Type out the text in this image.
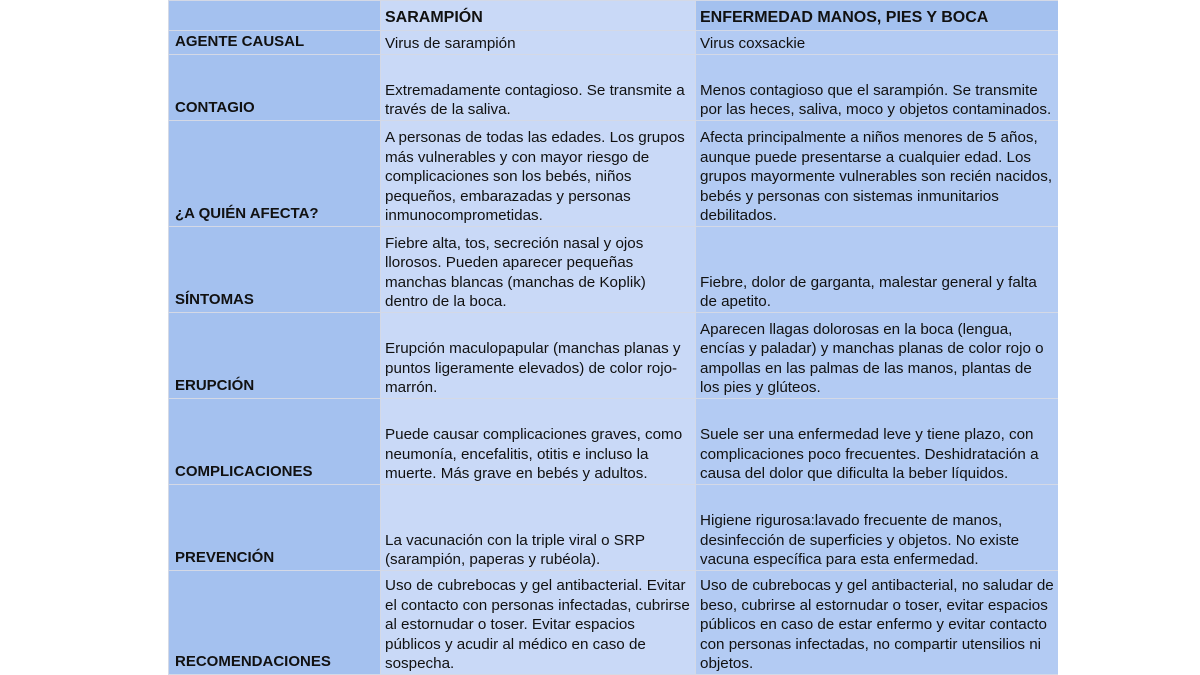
	SARAMPIÓN	ENFERMEDAD MANOS, PIES Y BOCA
AGENTE CAUSAL	Virus de sarampión	Virus coxsackie
CONTAGIO	Extremadamente contagioso. Se transmite a través de la saliva.	Menos contagioso que el sarampión. Se transmite por las heces, saliva, moco y objetos contaminados.
¿A QUIÉN AFECTA?	A personas de todas las edades. Los grupos más vulnerables y con mayor riesgo de complicaciones son los bebés, niños pequeños, embarazadas y personas inmunocomprometidas.	Afecta principalmente a niños menores de 5 años, aunque puede presentarse a cualquier edad. Los grupos mayormente vulnerables son recién nacidos, bebés y personas con sistemas inmunitarios debilitados.
SÍNTOMAS	Fiebre alta, tos, secreción nasal y ojos llorosos. Pueden aparecer pequeñas manchas blancas (manchas de Koplik) dentro de la boca.	Fiebre, dolor de garganta, malestar general y falta de apetito.
ERUPCIÓN	Erupción maculopapular (manchas planas y puntos ligeramente elevados) de color rojo-marrón.	Aparecen llagas dolorosas en la boca (lengua, encías y paladar) y manchas planas de color rojo o ampollas en las palmas de las manos, plantas de los pies y glúteos.
COMPLICACIONES	Puede causar complicaciones graves, como neumonía, encefalitis, otitis e incluso la muerte. Más grave en bebés y adultos.	Suele ser una enfermedad leve y tiene plazo, con complicaciones poco frecuentes. Deshidratación a causa del dolor que dificulta la beber líquidos.
PREVENCIÓN	La vacunación con la triple viral o SRP (sarampión, paperas y rubéola).	Higiene rigurosa:lavado frecuente de manos, desinfección de superficies y objetos. No existe vacuna específica para esta enfermedad.
RECOMENDACIONES	Uso de cubrebocas y gel antibacterial. Evitar el contacto con personas infectadas, cubrirse al estornudar o toser. Evitar espacios públicos y acudir al médico en caso de sospecha.	Uso de cubrebocas y gel antibacterial, no saludar de beso, cubrirse al estornudar o toser, evitar espacios públicos en caso de estar enfermo y evitar contacto con personas infectadas, no compartir utensilios ni objetos.
